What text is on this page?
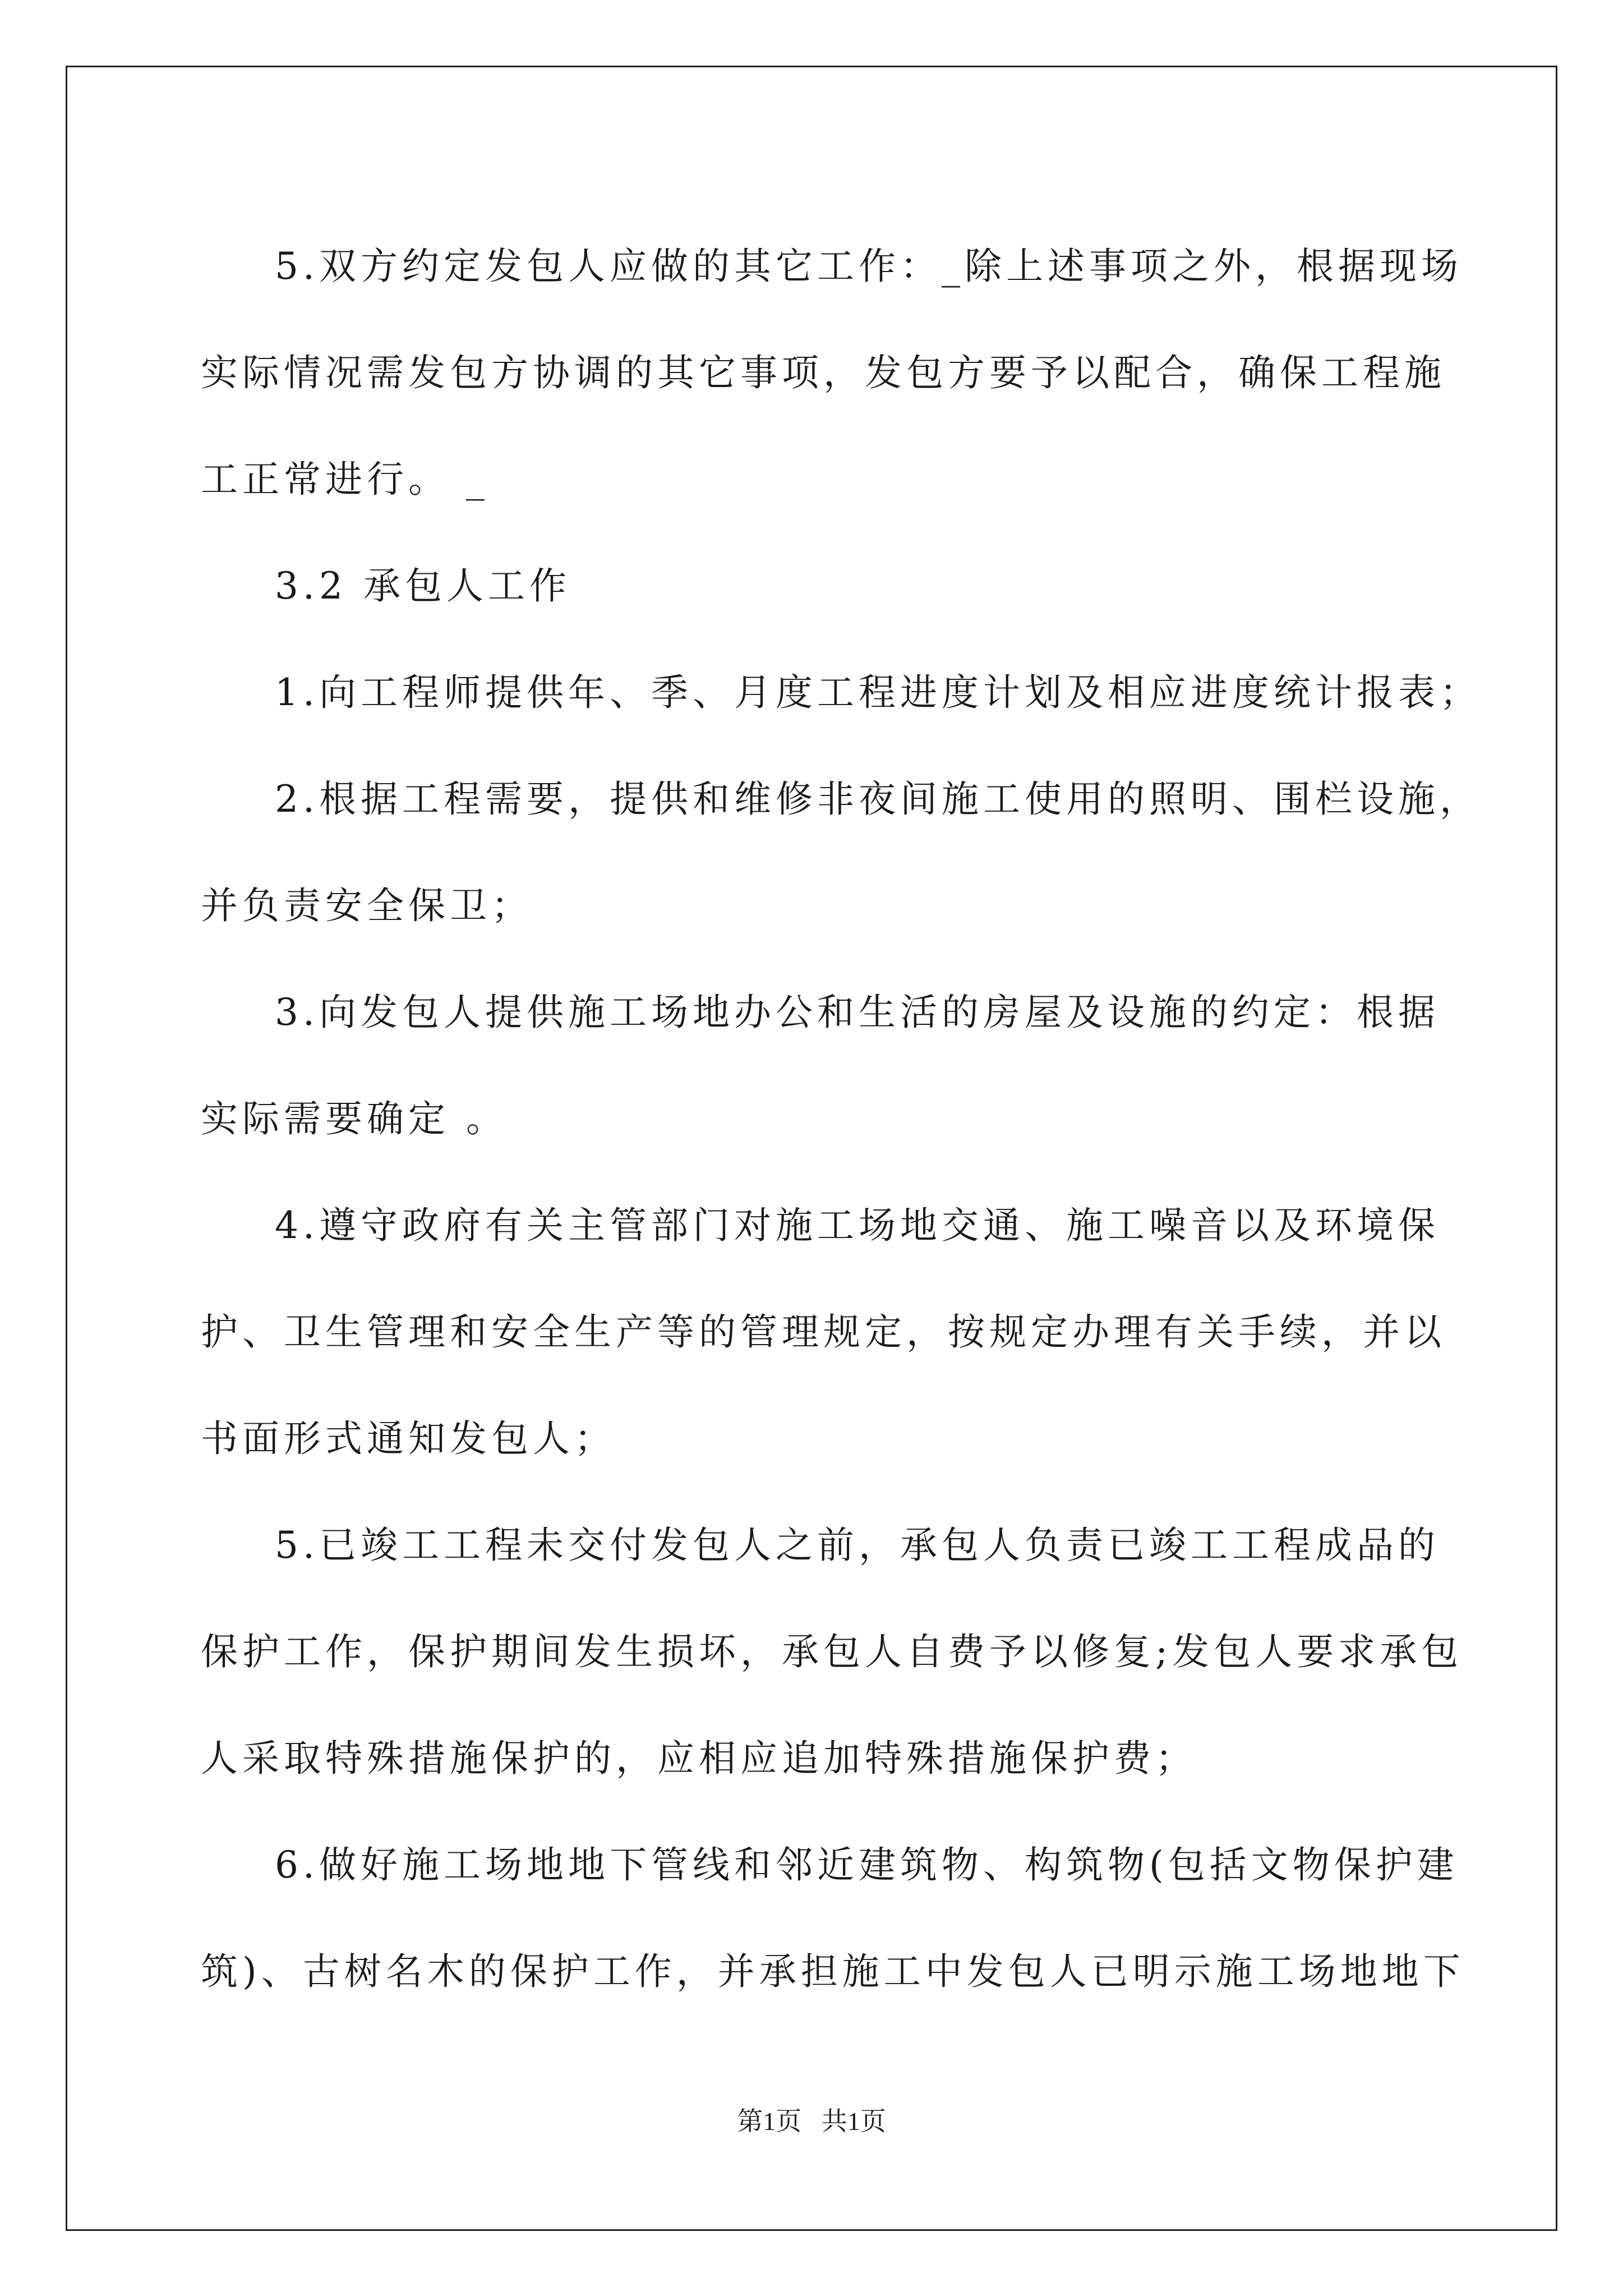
5.双方约定发包人应做的其它工作：_除上述事项之外，根据现场
实际情况需发包方协调的其它事项，发包方要予以配合，确保工程施
工正常进行。 _

3.2 承包人工作

1.向工程师提供年、季、月度工程进度计划及相应进度统计报表；

2.根据工程需要，提供和维修非夜间施工使用的照明、围栏设施，
并负责安全保卫；

3.向发包人提供施工场地办公和生活的房屋及设施的约定：根据
实际需要确定 。

4.遵守政府有关主管部门对施工场地交通、施工噪音以及环境保
护、卫生管理和安全生产等的管理规定，按规定办理有关手续，并以
书面形式通知发包人；

5.已竣工工程未交付发包人之前，承包人负责已竣工工程成品的
保护工作，保护期间发生损坏，承包人自费予以修复;发包人要求承包
人采取特殊措施保护的，应相应追加特殊措施保护费；

6.做好施工场地地下管线和邻近建筑物、构筑物(包括文物保护建
筑)、古树名木的保护工作，并承担施工中发包人已明示施工场地地下

第1页 共1页
